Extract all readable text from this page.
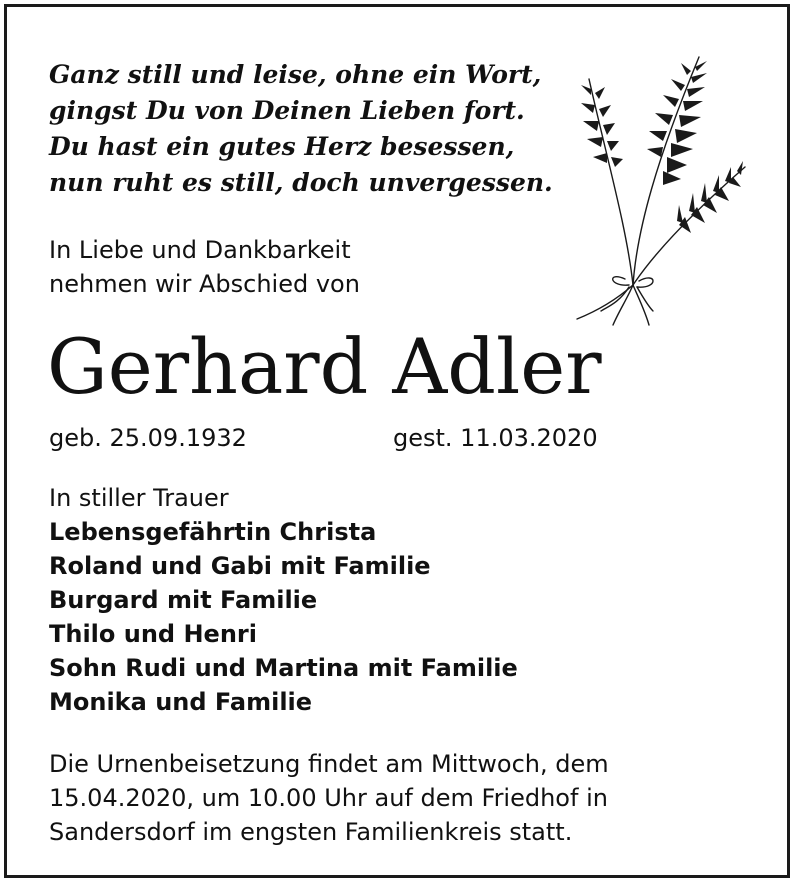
Ganz still und leise, ohne ein Wort,
gingst Du von Deinen Lieben fort.
Du hast ein gutes Herz besessen,
nun ruht es still, doch unvergessen.
In Liebe und Dankbarkeit
nehmen wir Abschied von
Gerhard Adler
geb. 25.09.1932	gest. 11.03.2020
In stiller Trauer
Lebensgefährtin Christa
Roland und Gabi mit Familie
Burgard mit Familie
Thilo und Henri
Sohn Rudi und Martina mit Familie
Monika und Familie
Die Urnenbeisetzung findet am Mittwoch, dem
15.04.2020, um 10.00 Uhr auf dem Friedhof in
Sandersdorf im engsten Familienkreis statt.
